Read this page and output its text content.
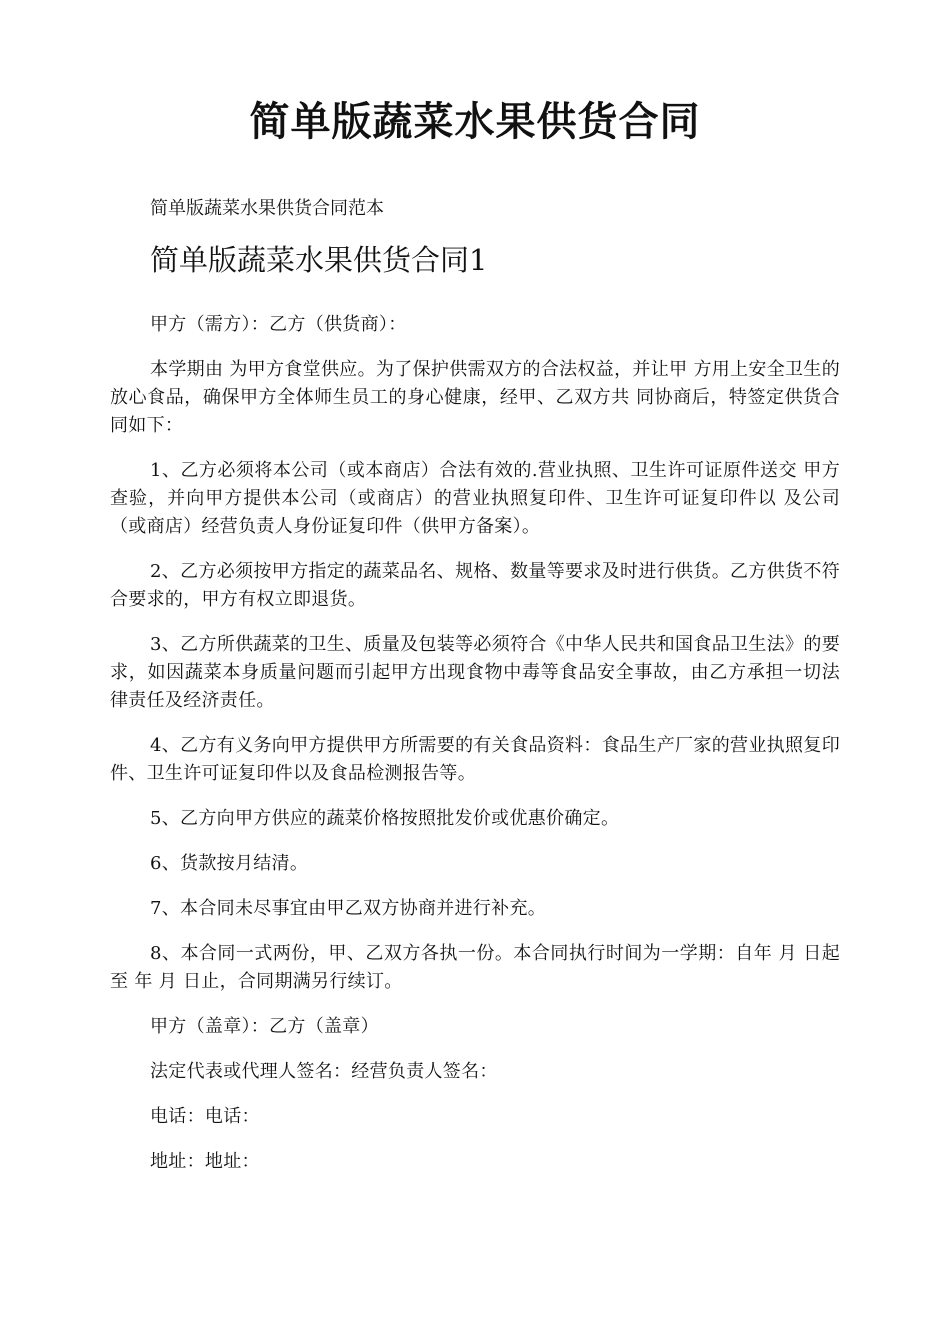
简单版蔬菜水果供货合同

简单版蔬菜水果供货合同范本

简单版蔬菜水果供货合同1

甲方（需方）：乙方（供货商）：

本学期由 为甲方食堂供应。为了保护供需双方的合法权益，并让甲 方用上安全卫生的放心食品，确保甲方全体师生员工的身心健康，经甲、乙双方共 同协商后，特签定供货合同如下：

1、乙方必须将本公司（或本商店）合法有效的.营业执照、卫生许可证原件送交 甲方查验，并向甲方提供本公司（或商店）的营业执照复印件、卫生许可证复印件以 及公司（或商店）经营负责人身份证复印件（供甲方备案）。

2、乙方必须按甲方指定的蔬菜品名、规格、数量等要求及时进行供货。乙方供货不符合要求的，甲方有权立即退货。

3、乙方所供蔬菜的卫生、质量及包装等必须符合《中华人民共和国食品卫生法》的要求，如因蔬菜本身质量问题而引起甲方出现食物中毒等食品安全事故，由乙方承担一切法律责任及经济责任。

4、乙方有义务向甲方提供甲方所需要的有关食品资料：食品生产厂家的营业执照复印件、卫生许可证复印件以及食品检测报告等。

5、乙方向甲方供应的蔬菜价格按照批发价或优惠价确定。

6、货款按月结清。

7、本合同未尽事宜由甲乙双方协商并进行补充。

8、本合同一式两份，甲、乙双方各执一份。本合同执行时间为一学期：自年 月 日起至 年 月 日止，合同期满另行续订。

甲方（盖章）：乙方（盖章）

法定代表或代理人签名：经营负责人签名：

电话：电话：

地址：地址：
